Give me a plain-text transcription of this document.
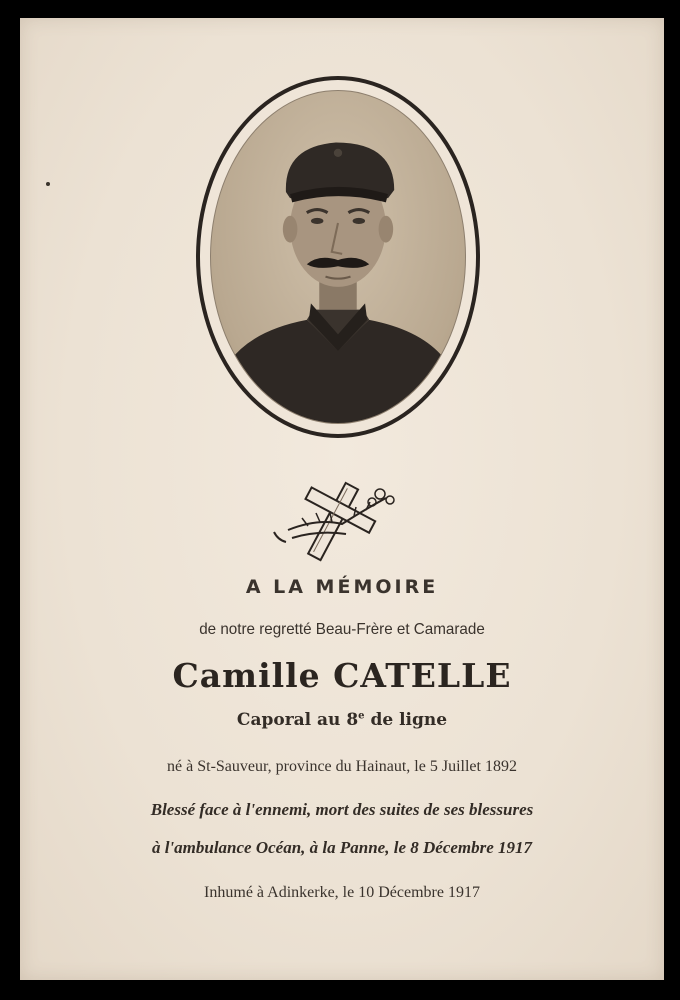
A LA MÉMOIRE
de notre regretté Beau-Frère et Camarade
Camille CATELLE
Caporal au 8e de ligne
né à St-Sauveur, province du Hainaut, le 5 Juillet 1892
Blessé face à l'ennemi, mort des suites de ses blessures
à l'ambulance Océan, à la Panne, le 8 Décembre 1917
Inhumé à Adinkerke, le 10 Décembre 1917
